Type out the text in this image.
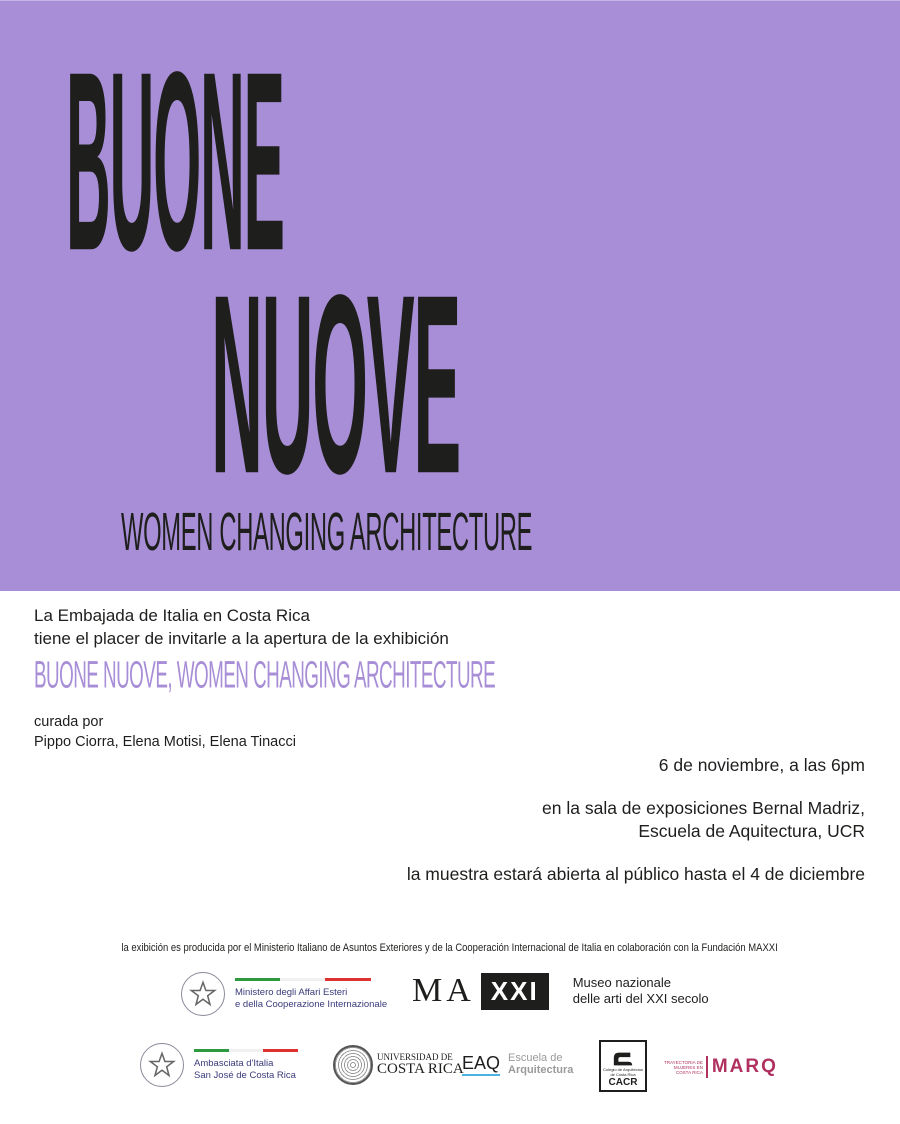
BUONE
NUOVE
WOMEN CHANGING ARCHITECTURE
La Embajada de Italia en Costa Rica
tiene el placer de invitarle a la apertura de la exhibición
BUONE NUOVE, WOMEN CHANGING ARCHITECTURE
curada por
Pippo Ciorra, Elena Motisi, Elena Tinacci
6 de noviembre, a las 6pm
en la sala de exposiciones Bernal Madriz,
Escuela de Aquitectura, UCR
la muestra estará abierta al público hasta el 4 de diciembre
la exibición es producida por el Ministerio Italiano de Asuntos Exteriores y de la Cooperación Internacional de Italia en colaboración con la Fundación MAXXI
Ministero degli Affari Esteri
e della Cooperazione Internazionale MA XXI	Museo nazionale
delle arti del XXI secolo
Ambasciata d'Italia
San José de Costa Rica
UNIVERSIDAD DE
COSTA RICA
EAQ Escuela de
Arquitectura	Colegio de Arquitectos de Costa Rica
CACR
TRAYECTORIA DE
MUJERES EN
COSTA RICA MARQ
